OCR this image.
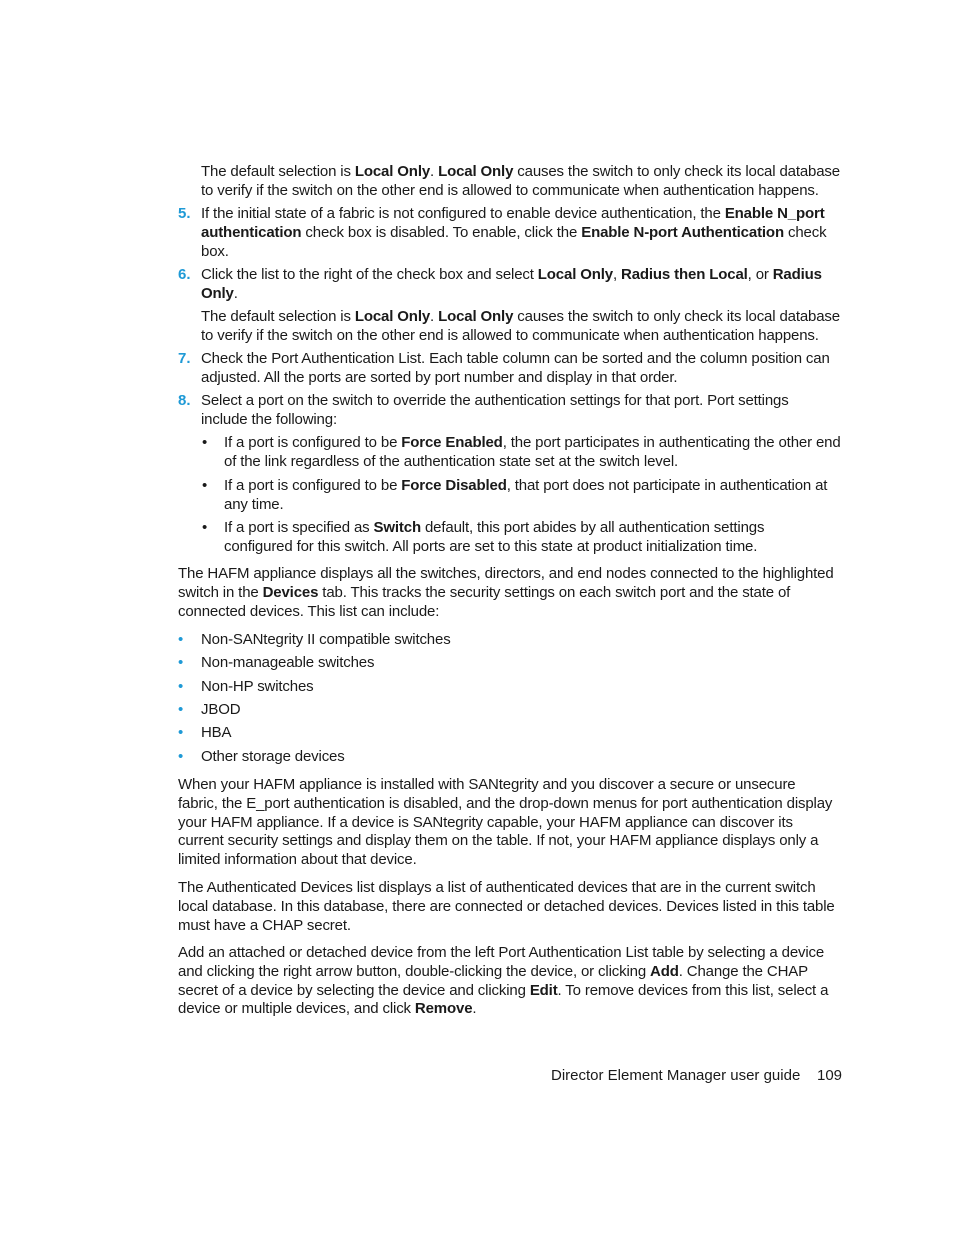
The default selection is Local Only. Local Only causes the switch to only check its local database to verify if the switch on the other end is allowed to communicate when authentication happens.

5. If the initial state of a fabric is not configured to enable device authentication, the Enable N_port authentication check box is disabled. To enable, click the Enable N-port Authentication check box.

6. Click the list to the right of the check box and select Local Only, Radius then Local, or Radius Only.

The default selection is Local Only. Local Only causes the switch to only check its local database to verify if the switch on the other end is allowed to communicate when authentication happens.

7. Check the Port Authentication List. Each table column can be sorted and the column position can adjusted. All the ports are sorted by port number and display in that order.

8. Select a port on the switch to override the authentication settings for that port. Port settings include the following:

• If a port is configured to be Force Enabled, the port participates in authenticating the other end of the link regardless of the authentication state set at the switch level.

• If a port is configured to be Force Disabled, that port does not participate in authentication at any time.

• If a port is specified as Switch default, this port abides by all authentication settings configured for this switch. All ports are set to this state at product initialization time.

The HAFM appliance displays all the switches, directors, and end nodes connected to the highlighted switch in the Devices tab. This tracks the security settings on each switch port and the state of connected devices. This list can include:

• Non-SANtegrity II compatible switches
• Non-manageable switches
• Non-HP switches
• JBOD
• HBA
• Other storage devices

When your HAFM appliance is installed with SANtegrity and you discover a secure or unsecure fabric, the E_port authentication is disabled, and the drop-down menus for port authentication display your HAFM appliance. If a device is SANtegrity capable, your HAFM appliance can discover its current security settings and display them on the table. If not, your HAFM appliance displays only a limited information about that device.

The Authenticated Devices list displays a list of authenticated devices that are in the current switch local database. In this database, there are connected or detached devices. Devices listed in this table must have a CHAP secret.

Add an attached or detached device from the left Port Authentication List table by selecting a device and clicking the right arrow button, double-clicking the device, or clicking Add. Change the CHAP secret of a device by selecting the device and clicking Edit. To remove devices from this list, select a device or multiple devices, and click Remove.

Director Element Manager user guide 109
